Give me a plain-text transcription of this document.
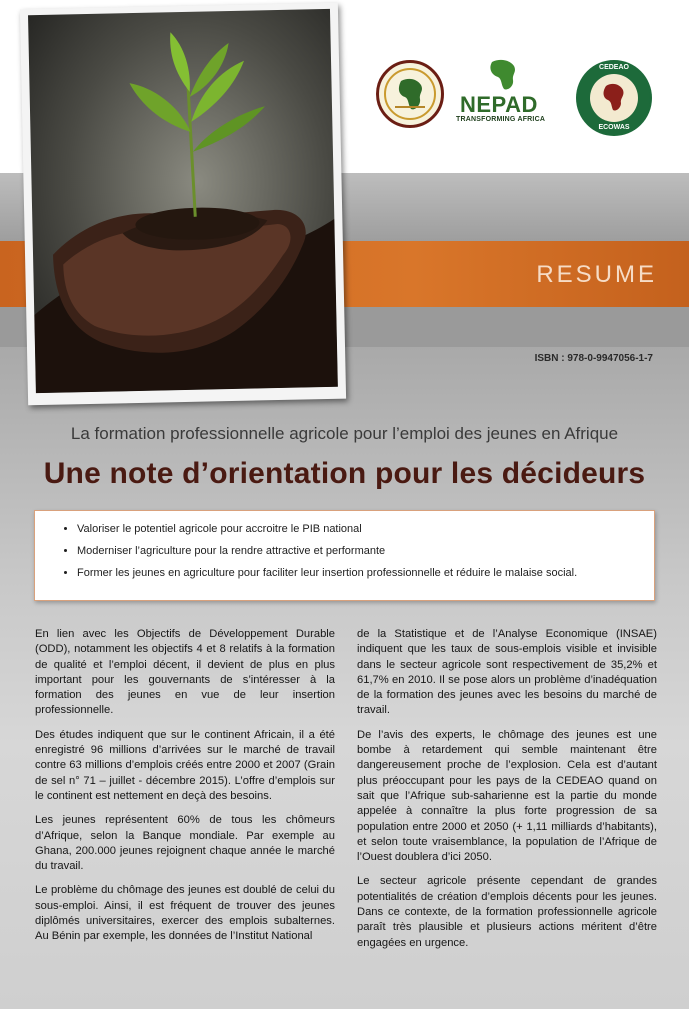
NEPAD
TRANSFORMING AFRICA
CEDEAO
ECOWAS
RESUME
ISBN : 978-0-9947056-1-7
La formation professionnelle agricole pour l’emploi des jeunes en Afrique
Une note d’orientation pour les décideurs
• Valoriser le potentiel agricole pour accroitre le PIB national
• Moderniser l’agriculture pour la rendre attractive et performante
• Former les jeunes en agriculture pour faciliter leur insertion professionnelle et réduire le malaise social.

En lien avec les Objectifs de Développement Durable (ODD), notamment les objectifs 4 et 8 relatifs à la formation de qualité et l’emploi décent, il devient de plus en plus important pour les gouvernants de s’intéresser à la formation des jeunes en vue de leur insertion professionnelle.

Des études indiquent que sur le continent Africain, il a été enregistré 96 millions d’arrivées sur le marché de travail contre 63 millions d’emplois créés entre 2000 et 2007 (Grain de sel n° 71 – juillet - décembre 2015). L’offre d’emplois sur le continent est nettement en deçà des besoins.

Les jeunes représentent 60% de tous les chômeurs d’Afrique, selon la Banque mondiale. Par exemple au Ghana, 200.000 jeunes rejoignent chaque année le marché du travail.

Le problème du chômage des jeunes est doublé de celui du sous-emploi. Ainsi, il est fréquent de trouver des jeunes diplômés universitaires, exercer des emplois subalternes. Au Bénin par exemple, les données de l’Institut National

de la Statistique et de l’Analyse Economique (INSAE) indiquent que les taux de sous-emplois visible et invisible dans le secteur agricole sont respectivement de 35,2% et 61,7% en 2010. Il se pose alors un problème d’inadéquation de la formation des jeunes avec les besoins du marché de travail.

De l’avis des experts, le chômage des jeunes est une bombe à retardement qui semble maintenant être dangereusement proche de l’explosion. Cela est d’autant plus préoccupant pour les pays de la CEDEAO quand on sait que l’Afrique sub-saharienne est la partie du monde appelée à connaître la plus forte progression de sa population entre 2000 et 2050 (+ 1,11 milliards d’habitants), et selon toute vraisemblance, la population de l’Afrique de l’Ouest doublera d’ici 2050.

Le secteur agricole présente cependant de grandes potentialités de création d’emplois décents pour les jeunes. Dans ce contexte, de la formation professionnelle agricole paraît très plausible et plusieurs actions méritent d’être engagées en urgence.
